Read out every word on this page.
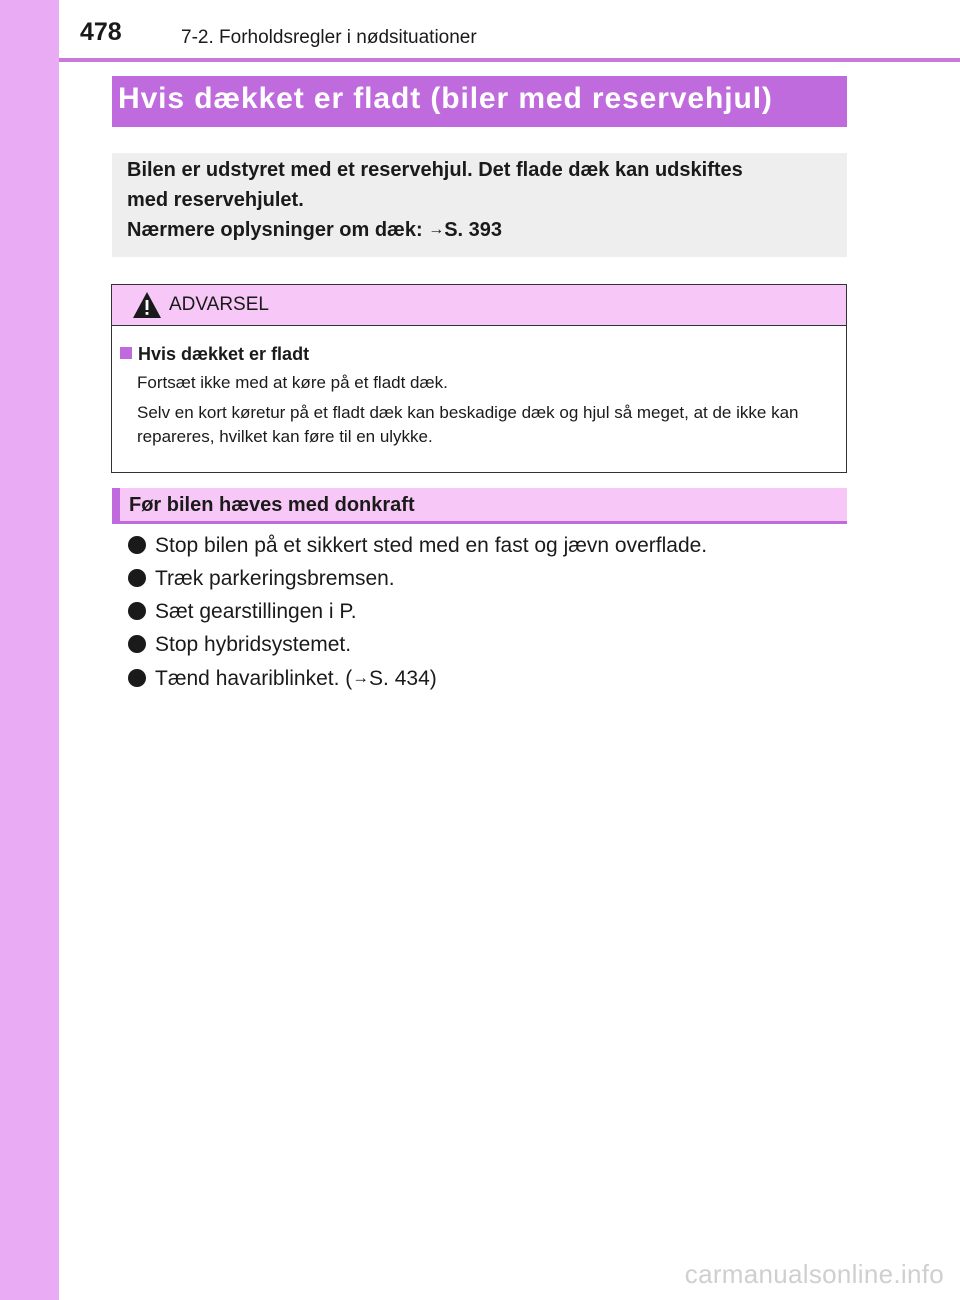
478	7-2. Forholdsregler i nødsituationer
Hvis dækket er fladt (biler med reservehjul)
Bilen er udstyret med et reservehjul. Det flade dæk kan udskiftes
med reservehjulet.
Nærmere oplysninger om dæk: →S. 393
ADVARSEL
Hvis dækket er fladt
Fortsæt ikke med at køre på et fladt dæk.
Selv en kort køretur på et fladt dæk kan beskadige dæk og hjul så meget, at de ikke kan repareres, hvilket kan føre til en ulykke.
Før bilen hæves med donkraft
Stop bilen på et sikkert sted med en fast og jævn overflade.
Træk parkeringsbremsen.
Sæt gearstillingen i P.
Stop hybridsystemet.
Tænd havariblinket. (→S. 434)
carmanualsonline.info
